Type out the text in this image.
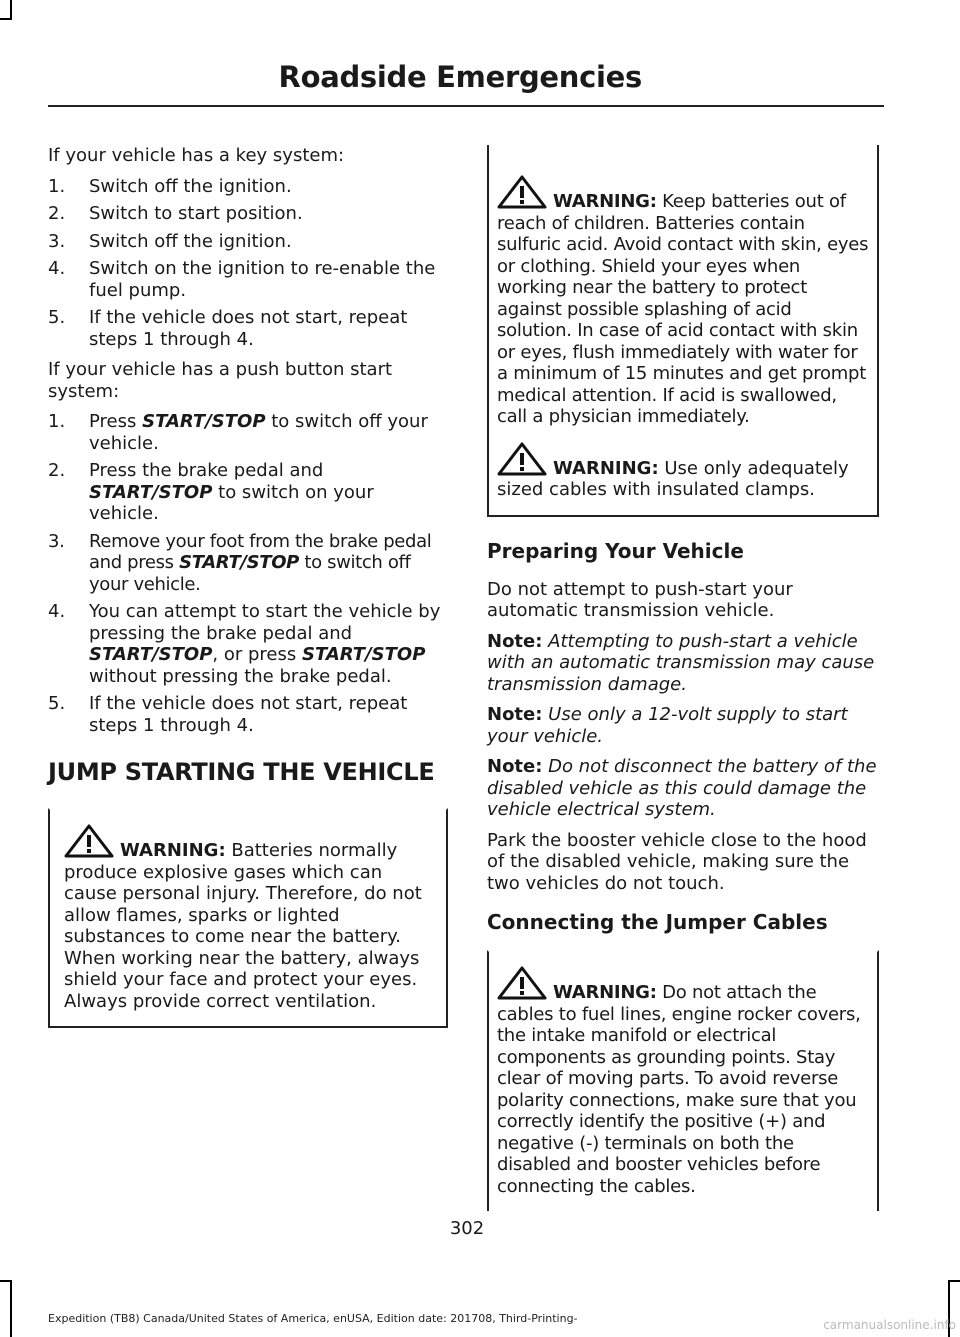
Roadside Emergencies

If your vehicle has a key system:

1. Switch off the ignition.
2. Switch to start position.
3. Switch off the ignition.
4. Switch on the ignition to re-enable the fuel pump.
5. If the vehicle does not start, repeat steps 1 through 4.

If your vehicle has a push button start system:

1. Press START/STOP to switch off your vehicle.
2. Press the brake pedal and START/STOP to switch on your vehicle.
3. Remove your foot from the brake pedal and press START/STOP to switch off your vehicle.
4. You can attempt to start the vehicle by pressing the brake pedal and START/STOP, or press START/STOP without pressing the brake pedal.
5. If the vehicle does not start, repeat steps 1 through 4.
JUMP STARTING THE VEHICLE
WARNING: Batteries normally produce explosive gases which can cause personal injury. Therefore, do not allow flames, sparks or lighted substances to come near the battery. When working near the battery, always shield your face and protect your eyes. Always provide correct ventilation.
WARNING: Keep batteries out of reach of children. Batteries contain sulfuric acid. Avoid contact with skin, eyes or clothing. Shield your eyes when working near the battery to protect against possible splashing of acid solution. In case of acid contact with skin or eyes, flush immediately with water for a minimum of 15 minutes and get prompt medical attention. If acid is swallowed, call a physician immediately.
WARNING: Use only adequately sized cables with insulated clamps.
Preparing Your Vehicle

Do not attempt to push-start your automatic transmission vehicle.

Note: Attempting to push-start a vehicle with an automatic transmission may cause transmission damage.

Note: Use only a 12-volt supply to start your vehicle.

Note: Do not disconnect the battery of the disabled vehicle as this could damage the vehicle electrical system.

Park the booster vehicle close to the hood of the disabled vehicle, making sure the two vehicles do not touch.

Connecting the Jumper Cables
WARNING: Do not attach the cables to fuel lines, engine rocker covers, the intake manifold or electrical components as grounding points. Stay clear of moving parts. To avoid reverse polarity connections, make sure that you correctly identify the positive (+) and negative (-) terminals on both the disabled and booster vehicles before connecting the cables.
302
Expedition (TB8) Canada/United States of America, enUSA, Edition date: 201708, Third-Printing-	carmanualsonline.info
